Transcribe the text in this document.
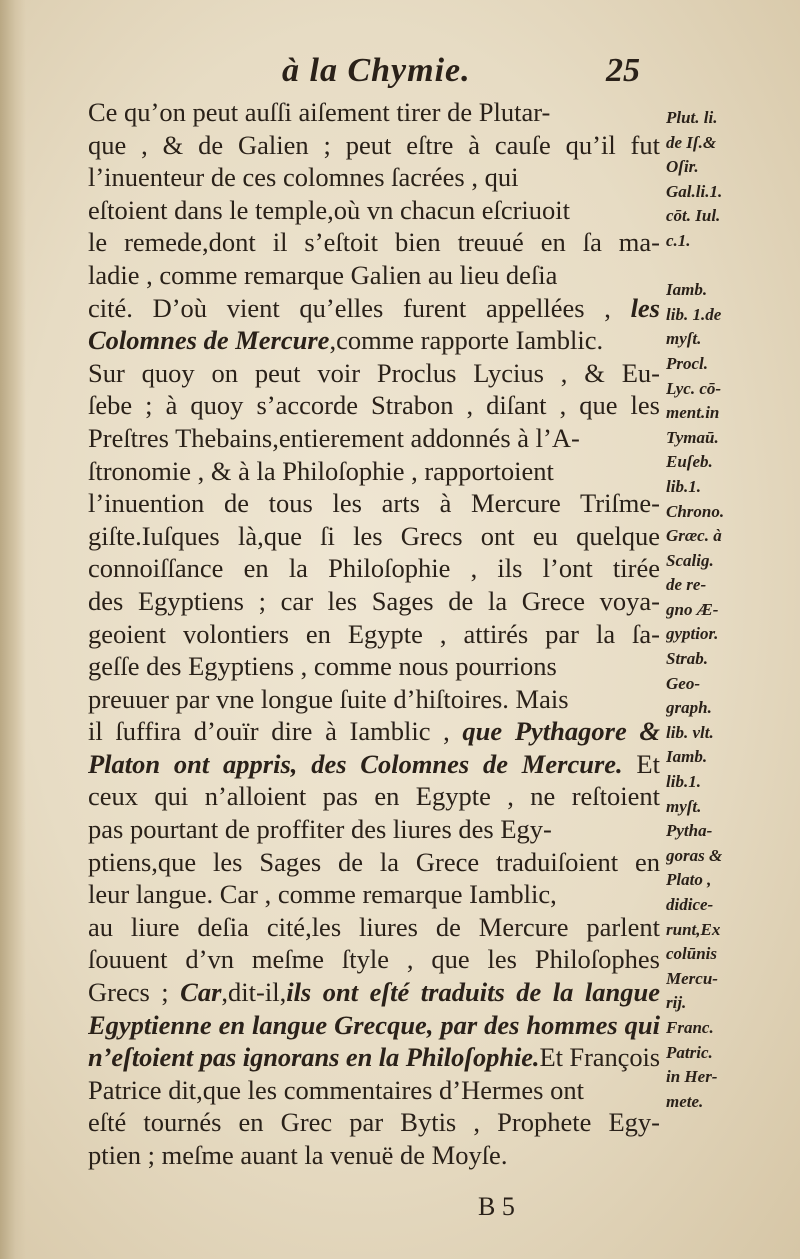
à la Chymie.	25
Ce qu’on peut auſſi aiſement tirer de Plutar-
que , & de Galien ; peut eſtre à cauſe qu’il fut
l’inuenteur de ces colomnes ſacrées , qui
eſtoient dans le temple,où vn chacun eſcriuoit
le remede,dont il s’eſtoit bien treuué en ſa ma-
ladie , comme remarque Galien au lieu deſia
cité. D’où vient qu’elles furent appellées , les
Colomnes de Mercure,comme rapporte Iamblic.
Sur quoy on peut voir Proclus Lycius , & Eu-
ſebe ; à quoy s’accorde Strabon , diſant , que les
Preſtres Thebains,entierement addonnés à l’A-
ſtronomie , & à la Philoſophie , rapportoient
l’inuention de tous les arts à Mercure Triſme-
giſte.Iuſques là,que ſi les Grecs ont eu quelque
connoiſſance en la Philoſophie , ils l’ont tirée
des Egyptiens ; car les Sages de la Grece voya-
geoient volontiers en Egypte , attirés par la ſa-
geſſe des Egyptiens , comme nous pourrions
preuuer par vne longue ſuite d’hiſtoires. Mais
il ſuffira d’ouïr dire à Iamblic , que Pythagore &
Platon ont appris, des Colomnes de Mercure. Et
ceux qui n’alloient pas en Egypte , ne reſtoient
pas pourtant de proffiter des liures des Egy-
ptiens,que les Sages de la Grece traduiſoient en
leur langue. Car , comme remarque Iamblic,
au liure deſia cité,les liures de Mercure parlent
ſouuent d’vn meſme ſtyle , que les Philoſophes
Grecs ; Car,dit-il,ils ont eſté traduits de la langue
Egyptienne en langue Grecque, par des hommes qui
n’eſtoient pas ignorans en la Philoſophie.Et François
Patrice dit,que les commentaires d’Hermes ont
eſté tournés en Grec par Bytis , Prophete Egy-
ptien ; meſme auant la venuë de Moyſe.
Plut. li.
de Iſ.&
Oſir.
Gal.li.1.
cōt. Iul.
c.1.
Iamb.
lib. 1.de
myſt.
Procl.
Lyc. cō-
ment.in
Tymaū.
Euſeb.
lib.1.
Chrono.
Græc. à
Scalig.
de re-
gno Æ-
gyptior.
Strab.
Geo-
graph.
lib. vlt.
Iamb.
lib.1.
myſt.
Pytha-
goras &
Plato ,
didice-
runt,Ex
colūnis
Mercu-
rij.
Franc.
Patric.
in Her-
mete.
B 5
